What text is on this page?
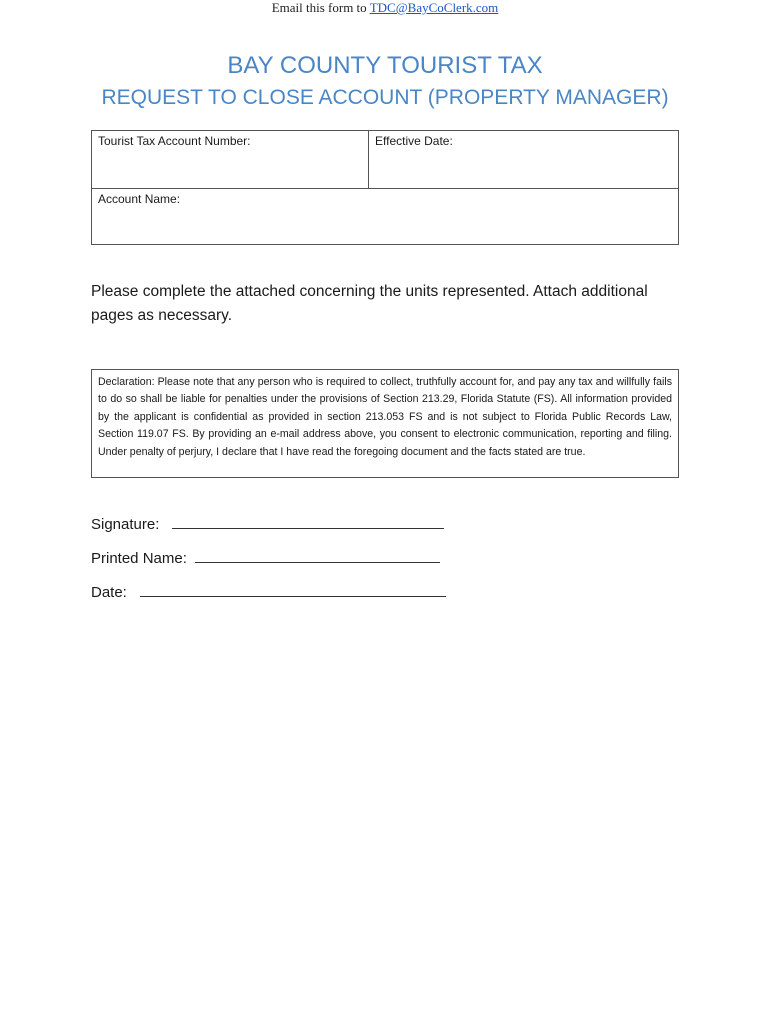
Email this form to TDC@BayCoClerk.com
BAY COUNTY TOURIST TAX
REQUEST TO CLOSE ACCOUNT (PROPERTY MANAGER)
Tourist Tax Account Number:	Effective Date:
Account Name:

Please complete the attached concerning the units represented. Attach additional pages as necessary.

Declaration: Please note that any person who is required to collect, truthfully account for, and pay any tax and willfully fails to do so shall be liable for penalties under the provisions of Section 213.29, Florida Statute (FS). All information provided by the applicant is confidential as provided in section 213.053 FS and is not subject to Florida Public Records Law, Section 119.07 FS. By providing an e-mail address above, you consent to electronic communication, reporting and filing. Under penalty of perjury, I declare that I have read the foregoing document and the facts stated are true.
Signature:
Printed Name:
Date:
